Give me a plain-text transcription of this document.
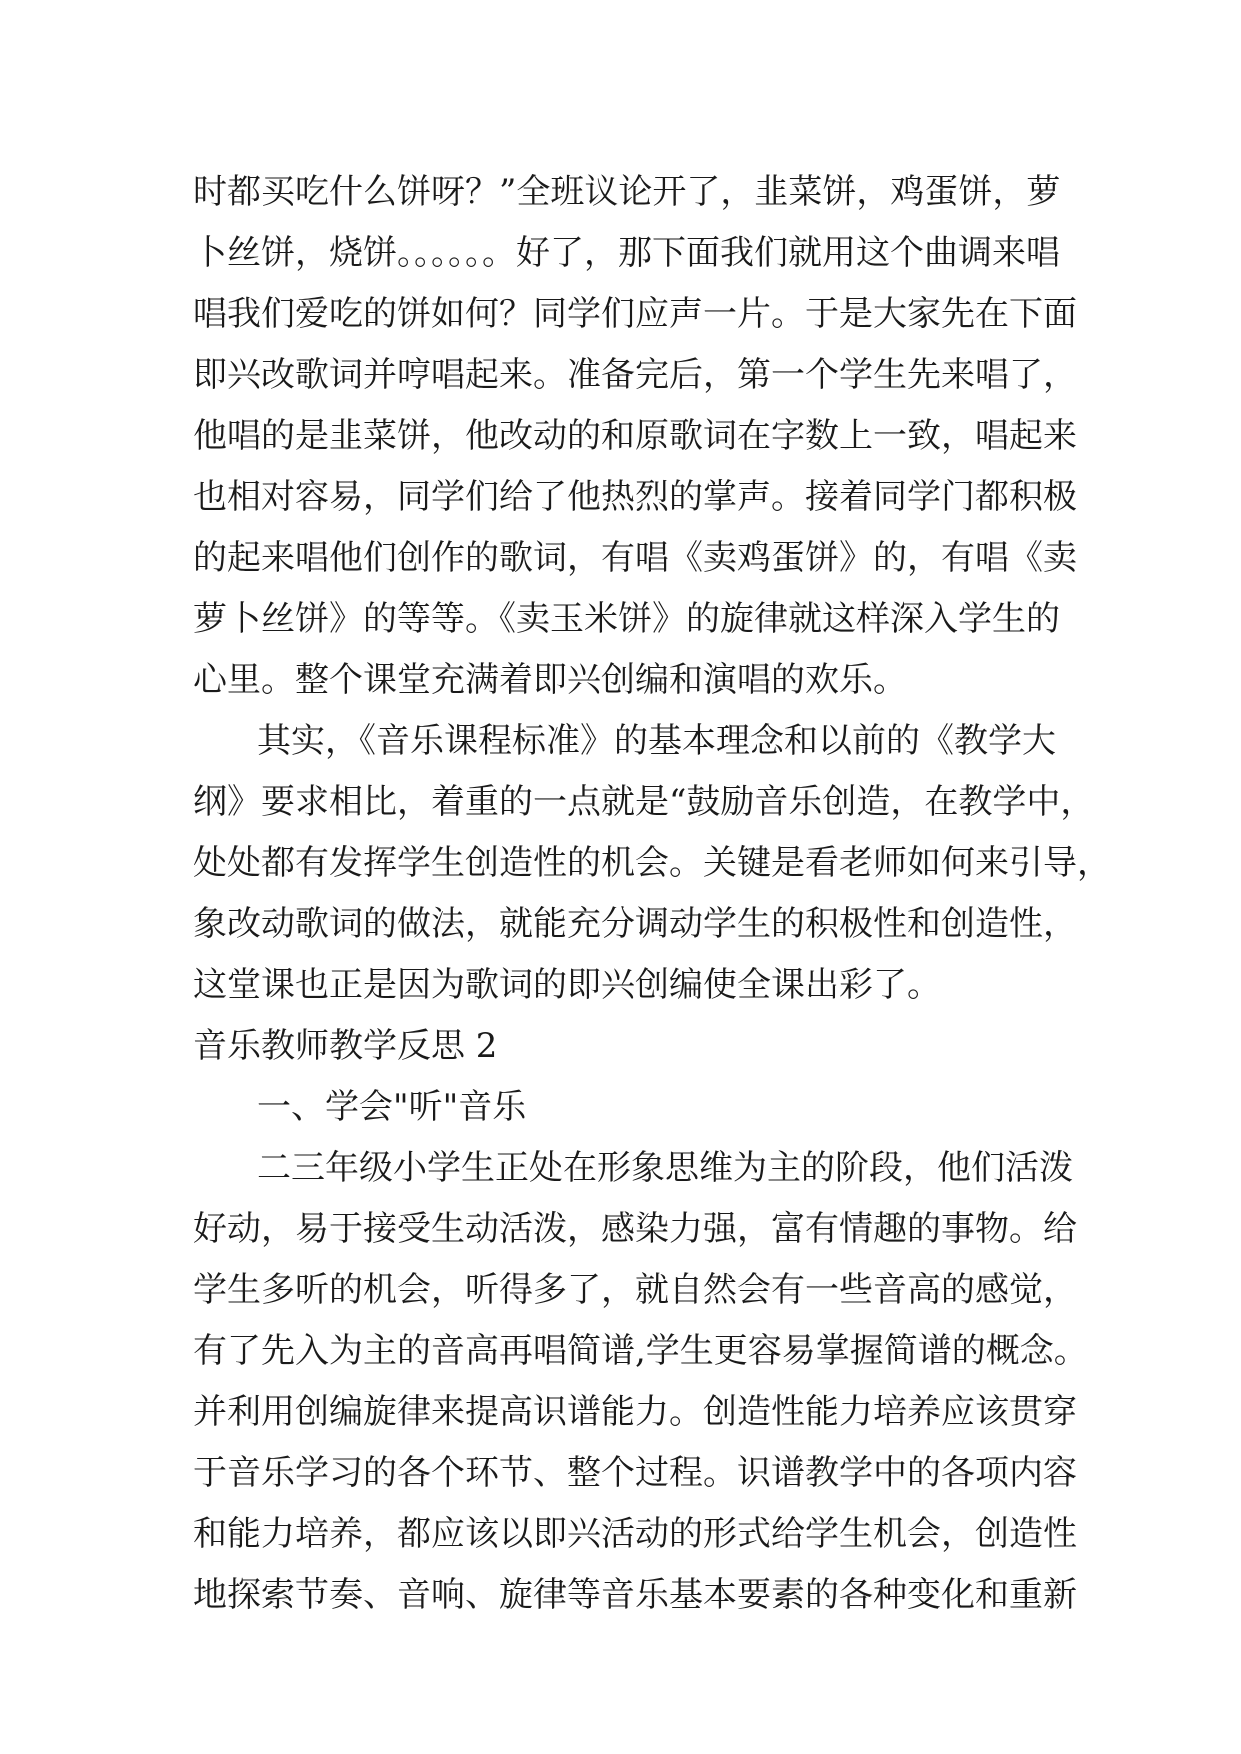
时都买吃什么饼呀？”全班议论开了，韭菜饼，鸡蛋饼，萝
卜丝饼，烧饼。。。。。。好了，那下面我们就用这个曲调来唱
唱我们爱吃的饼如何？同学们应声一片。于是大家先在下面
即兴改歌词并哼唱起来。准备完后，第一个学生先来唱了，
他唱的是韭菜饼，他改动的和原歌词在字数上一致，唱起来
也相对容易，同学们给了他热烈的掌声。接着同学门都积极
的起来唱他们创作的歌词，有唱《卖鸡蛋饼》的，有唱《卖
萝卜丝饼》的等等。《卖玉米饼》的旋律就这样深入学生的
心里。整个课堂充满着即兴创编和演唱的欢乐。
其实，《音乐课程标准》的基本理念和以前的《教学大
纲》要求相比，着重的一点就是“鼓励音乐创造，在教学中，
处处都有发挥学生创造性的机会。关键是看老师如何来引导，
象改动歌词的做法，就能充分调动学生的积极性和创造性，
这堂课也正是因为歌词的即兴创编使全课出彩了。
音乐教师教学反思 2
一、学会"听"音乐
二三年级小学生正处在形象思维为主的阶段，他们活泼
好动，易于接受生动活泼，感染力强，富有情趣的事物。给
学生多听的机会，听得多了，就自然会有一些音高的感觉，
有了先入为主的音高再唱简谱,学生更容易掌握简谱的概念。
并利用创编旋律来提高识谱能力。创造性能力培养应该贯穿
于音乐学习的各个环节、整个过程。识谱教学中的各项内容
和能力培养，都应该以即兴活动的形式给学生机会，创造性
地探索节奏、音响、旋律等音乐基本要素的各种变化和重新
